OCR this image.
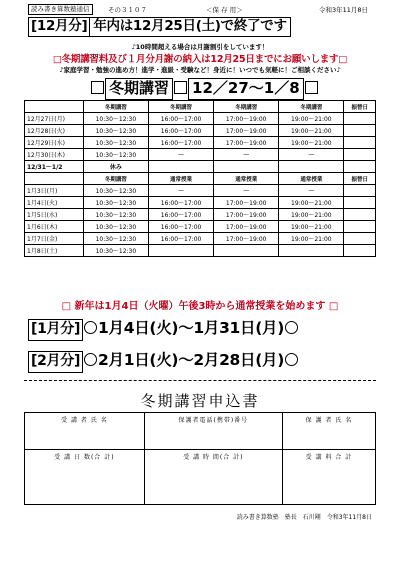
読み書き算数塾通信	その３１０７	＜保 存 用＞	令和3年11月8日
[12月分] 年内は12月25日(土)で終了です
♪10時間超える場合は月謝割引をしています！
□冬期講習料及び１月分月謝の納入は12月25日までにお願いします□
♪家庭学習・勉強の進め方！進学・進級・受験など！身近に！いつでも気軽に！ご相談ください♪
冬期講習 12／27〜1／8
	冬期講習	冬期講習	冬期講習	冬期講習	振替日
12月27日(月)	10:30〜12:30	16:00〜17:00	17:00〜19:00	19:00〜21:00	
12月28日(火)	10:30〜12:30	16:00〜17:00	17:00〜19:00	19:00〜21:00	
12月29日(水)	10:30〜12:30	16:00〜17:00	17:00〜19:00	19:00〜21:00	
12月30日(木)	10:30〜12:30	—	—	—	
12/31〜1/2	休み				
	冬期講習	通常授業	通常授業	通常授業	振替日
1月3日(月)	10:30〜12:30	—	—	—	
1月4日(火)	10:30〜12:30	16:00〜17:00	17:00〜19:00	19:00〜21:00	
1月5日(水)	10:30〜12:30	16:00〜17:00	17:00〜19:00	19:00〜21:00	
1月6日(木)	10:30〜12:30	16:00〜17:00	17:00〜19:00	19:00〜21:00	
1月7日(金)	10:30〜12:30	16:00〜17:00	17:00〜19:00	19:00〜21:00	
1月8日(土)	10:30〜12:30				
□ 新年は1月4日（火曜）午後3時から通常授業を始めます □
[1月分] ○1月4日(火)〜1月31日(月)
[2月分] ○2月1日(火)〜2月28日(月)
冬期講習申込書
受 講 者 氏 名	保護者電話(携帯)番号	保 護 者 氏 名
受 講 日 数(合 計)	受 講 時 間(合 計)	受 講 料 合 計
読み書き算数塾　塾長　石川剛　令和3年11月8日
